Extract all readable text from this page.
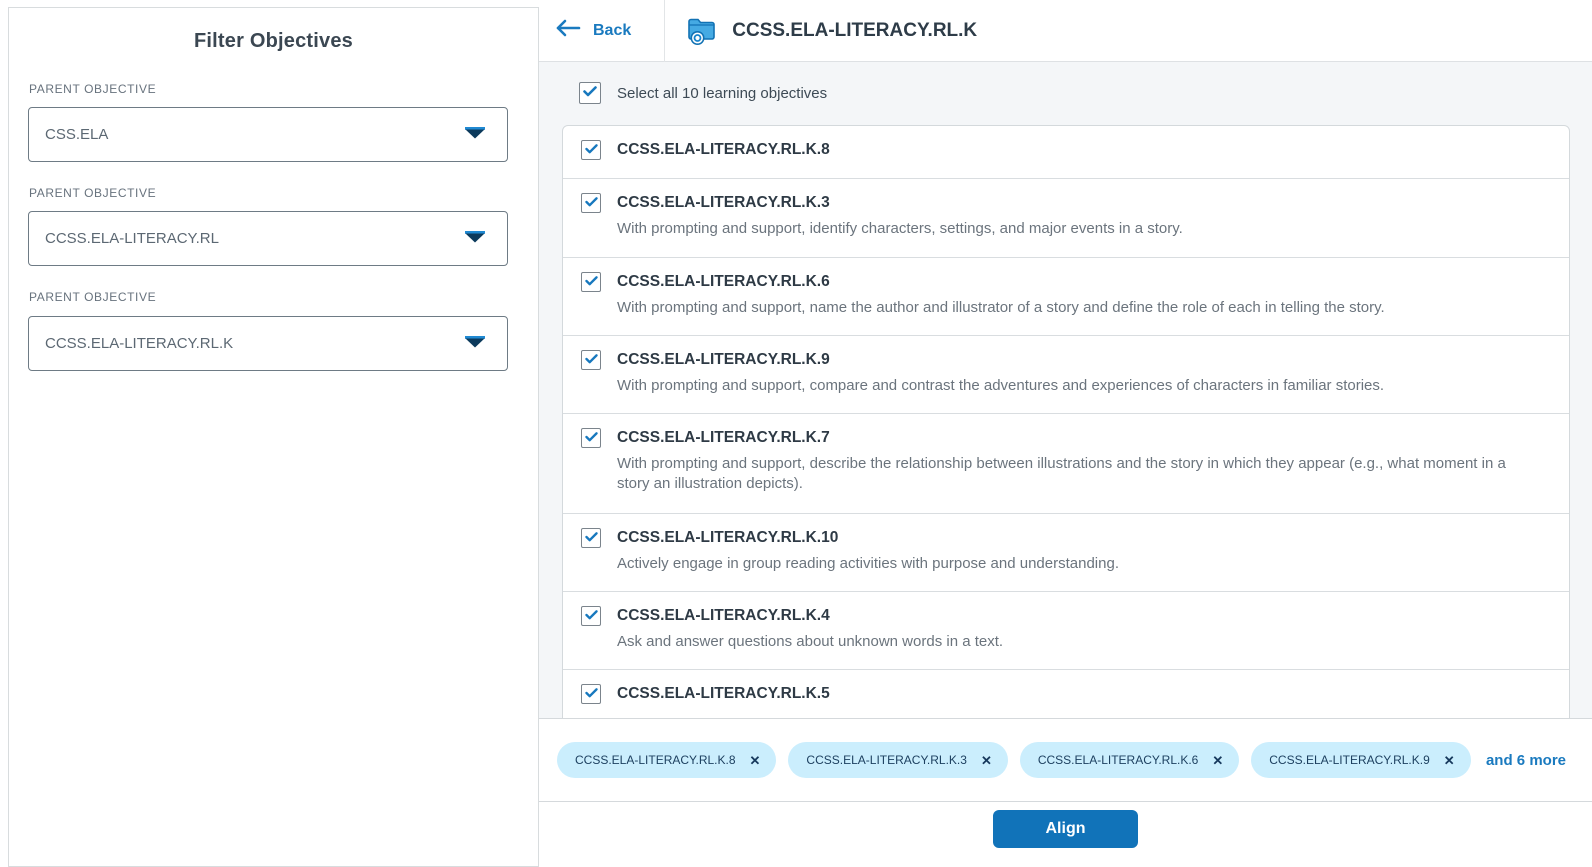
Filter Objectives
PARENT OBJECTIVE
CSS.ELA
PARENT OBJECTIVE
CCSS.ELA-LITERACY.RL
PARENT OBJECTIVE
CCSS.ELA-LITERACY.RL.K
Back	CCSS.ELA-LITERACY.RL.K
Select all 10 learning objectives
CCSS.ELA-LITERACY.RL.K.8
CCSS.ELA-LITERACY.RL.K.3
With prompting and support, identify characters, settings, and major events in a story.
CCSS.ELA-LITERACY.RL.K.6
With prompting and support, name the author and illustrator of a story and define the role of each in telling the story.
CCSS.ELA-LITERACY.RL.K.9
With prompting and support, compare and contrast the adventures and experiences of characters in familiar stories.
CCSS.ELA-LITERACY.RL.K.7
With prompting and support, describe the relationship between illustrations and the story in which they appear (e.g., what moment in a story an illustration depicts).
CCSS.ELA-LITERACY.RL.K.10
Actively engage in group reading activities with purpose and understanding.
CCSS.ELA-LITERACY.RL.K.4
Ask and answer questions about unknown words in a text.
CCSS.ELA-LITERACY.RL.K.5
CCSS.ELA-LITERACY.RL.K.8 ✕	CCSS.ELA-LITERACY.RL.K.3 ✕	CCSS.ELA-LITERACY.RL.K.6 ✕	CCSS.ELA-LITERACY.RL.K.9 ✕ and 6 more
Align
